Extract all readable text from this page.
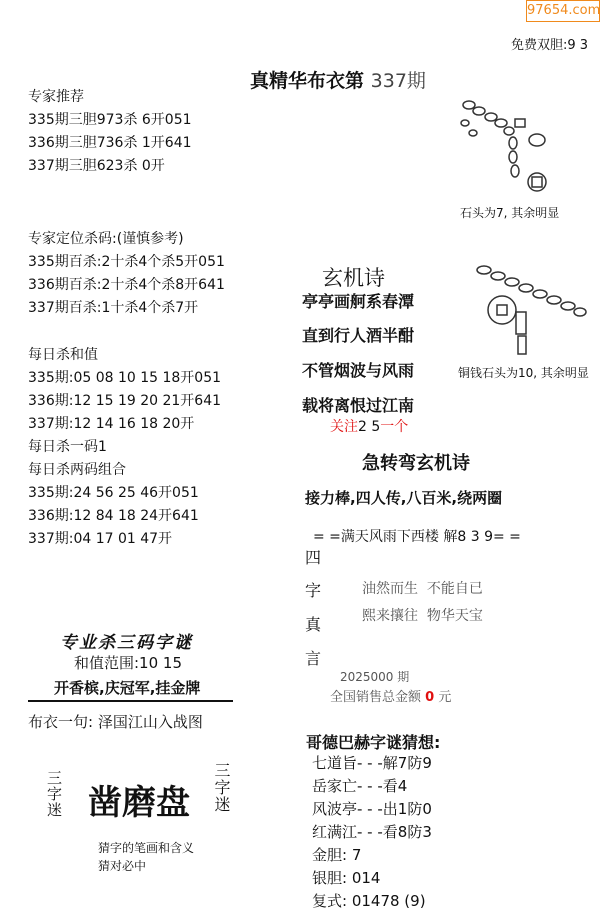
97654.com
免费双胆:9 3
真精华布衣第 337期
专家推荐
335期三胆973杀 6开051
336期三胆736杀 1开641
337期三胆623杀 0开
专家定位杀码:(谨慎参考)
335期百杀:2十杀4个杀5开051
336期百杀:2十杀4个杀8开641
337期百杀:1十杀4个杀7开
每日杀和值
335期:05 08 10 15 18开051
336期:12 15 19 20 21开641
337期:12 14 16 18 20开
每日杀一码1
每日杀两码组合
335期:24 56 25 46开051
336期:12 84 18 24开641
337期:04 17 01 47开
专业杀三码字谜
和值范围:10 15
开香槟,庆冠军,挂金牌
布衣一句: 泽国江山入战图
三字迷 凿磨盘 三字迷
猜字的笔画和含义
猜对必中
石头为7, 其余明显
玄机诗
亭亭画舸系春潭
直到行人酒半酣
不管烟波与风雨
载将离恨过江南
关注2 5一个
铜钱石头为10, 其余明显
急转弯玄机诗
接力棒,四人传,八百米,绕两圈
= =满天风雨下西楼 解8 3 9= =
四
字
真
言
油然而生 不能自已
熙来攘往 物华天宝
2025000 期
全国销售总金额 0 元
哥德巴赫字谜猜想:
七道旨- - -解7防9
岳家亡- - -看4
风波亭- - -出1防0
红满江- - -看8防3
金胆: 7
银胆: 014
复式: 01478 (9)
